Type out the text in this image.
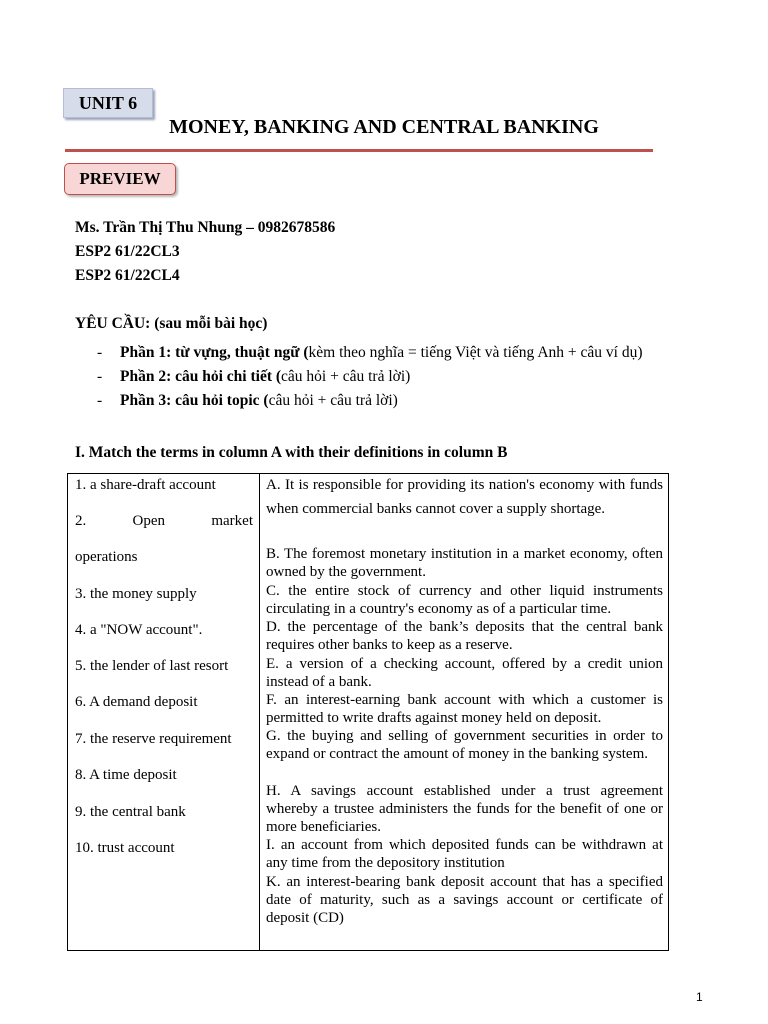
UNIT 6
MONEY, BANKING AND CENTRAL BANKING
PREVIEW
Ms. Trần Thị Thu Nhung – 0982678586
ESP2 61/22CL3
ESP2 61/22CL4
YÊU CẦU: (sau mỗi bài học)
- Phần 1: từ vựng, thuật ngữ (kèm theo nghĩa = tiếng Việt và tiếng Anh + câu ví dụ)
- Phần 2: câu hỏi chi tiết (câu hỏi + câu trả lời)
- Phần 3: câu hỏi topic (câu hỏi + câu trả lời)
I. Match the terms in column A with their definitions in column B
1. a share-draft account
2.	Open	market
operations
3. the money supply
4. a "NOW account".
5. the lender of last resort
6. A demand deposit
7. the reserve requirement
8. A time deposit
9. the central bank
10. trust account
A. It is responsible for providing its nation's economy with funds when commercial banks cannot cover a supply shortage.
B. The foremost monetary institution in a market economy, often owned by the government.
C. the entire stock of currency and other liquid instruments circulating in a country's economy as of a particular time.
D. the percentage of the bank’s deposits that the central bank requires other banks to keep as a reserve.
E. a version of a checking account, offered by a credit union instead of a bank.
F. an interest-earning bank account with which a customer is permitted to write drafts against money held on deposit.
G. the buying and selling of government securities in order to expand or contract the amount of money in the banking system.
H. A savings account established under a trust agreement whereby a trustee administers the funds for the benefit of one or more beneficiaries.
I. an account from which deposited funds can be withdrawn at any time from the depository institution
K. an interest-bearing bank deposit account that has a specified date of maturity, such as a savings account or certificate of deposit (CD)
1
